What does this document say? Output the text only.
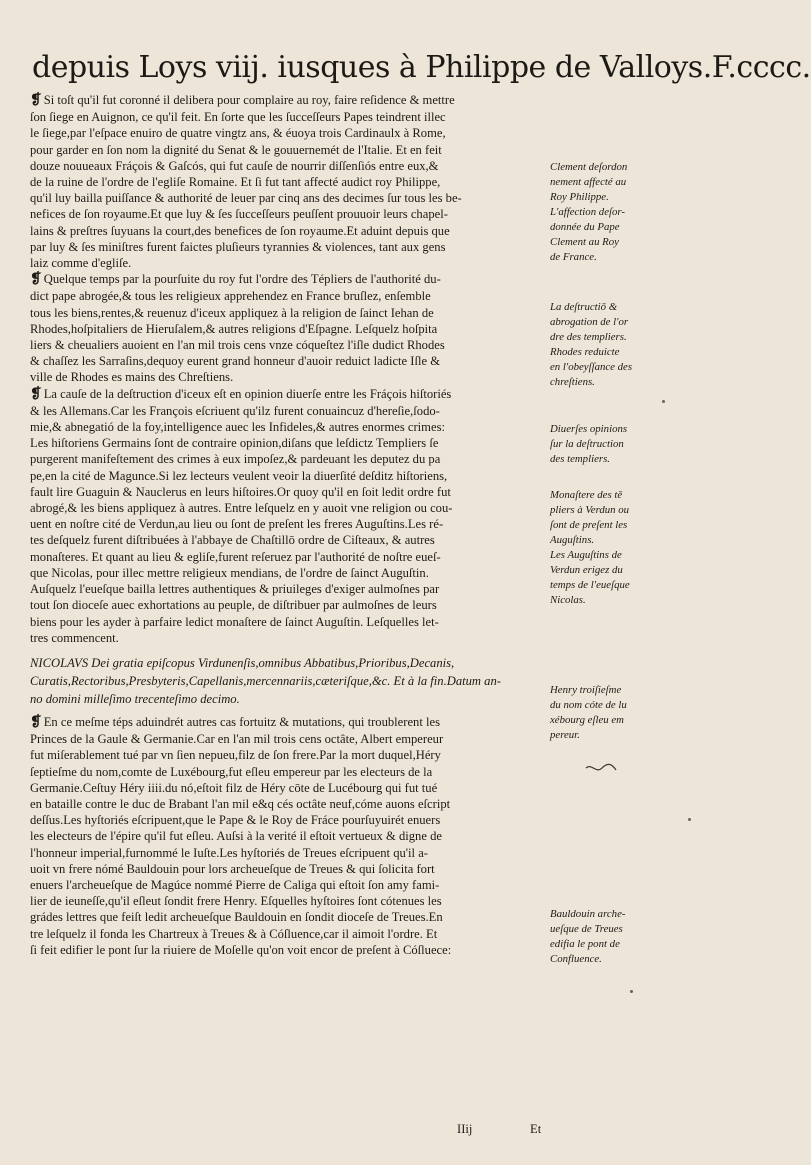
depuis Loys viij. iusques à Philippe de Valloys.F.cccc.

❡ Si toſt qu'il fut coronné il delibera pour complaire au roy, faire reſidence & mettre
ſon ſiege en Auignon, ce qu'il feit. En ſorte que les ſucceſſeurs Papes teindrent illec
le ſiege,par l'eſpace enuiro de quatre vingtz ans, & éuoya trois Cardinaulx à Rome,
pour garder en ſon nom la dignité du Senat & le gouuernemét de l'Italie. Et en feit
douze nouueaux Fráçois & Gaſcós, qui fut cauſe de nourrir diſſenſiós entre eux,&
de la ruine de l'ordre de l'egliſe Romaine. Et ſi fut tant affecté audict roy Philippe,
qu'il luy bailla puiſſance & authorité de leuer par cinq ans des decimes ſur tous les be-
nefices de ſon royaume.Et que luy & ſes ſucceſſeurs peuſſent prouuoir leurs chapel-
lains & preſtres ſuyuans la court,des benefices de ſon royaume.Et aduint depuis que
par luy & ſes miniſtres furent faictes pluſieurs tyrannies & violences, tant aux gens
laiz comme d'egliſe.

❡ Quelque temps par la pourſuite du roy fut l'ordre des Tépliers de l'authorité du-
dict pape abrogée,& tous les religieux apprehendez en France bruſlez, enſemble
tous les biens,rentes,& reuenuz d'iceux appliquez à la religion de ſainct Iehan de
Rhodes,hoſpitaliers de Hieruſalem,& autres religions d'Eſpagne. Leſquelz hoſpita
liers & cheualiers auoient en l'an mil trois cens vnze cóqueſtez l'iſle dudict Rhodes
& chaſſez les Sarraſins,dequoy eurent grand honneur d'auoir reduict ladicte Iſle &
ville de Rhodes es mains des Chreſtiens.

❡ La cauſe de la deſtruction d'iceux eſt en opinion diuerſe entre les Fráçois hiſtoriés
& les Allemans.Car les François eſcriuent qu'ilz furent conuaincuz d'hereſie,ſodo-
mie,& abnegatió de la foy,intelligence auec les Infideles,& autres enormes crimes:
Les hiſtoriens Germains ſont de contraire opinion,diſans que leſdictz Templiers ſe
purgerent manifeſtement des crimes à eux impoſez,& pardeuant les deputez du pa
pe,en la cité de Magunce.Si lez lecteurs veulent veoir la diuerſité deſditz hiſtoriens,
fault lire Guaguin & Nauclerus en leurs hiſtoires.Or quoy qu'il en ſoit ledit ordre fut
abrogé,& les biens appliquez à autres. Entre leſquelz en y auoit vne religion ou cou-
uent en noſtre cité de Verdun,au lieu ou ſont de preſent les freres Auguſtins.Les ré-
tes deſquelz furent diſtribuées à l'abbaye de Chaſtillō ordre de Ciſteaux, & autres
monaſteres. Et quant au lieu & egliſe,furent reſeruez par l'authorité de noſtre eueſ-
que Nicolas, pour illec mettre religieux mendians, de l'ordre de ſainct Auguſtin.
Auſquelz l'eueſque bailla lettres authentiques & priuileges d'exiger aulmoſnes par
tout ſon dioceſe auec exhortations au peuple, de diſtribuer par aulmoſnes de leurs
biens pour les ayder à parfaire ledict monaſtere de ſainct Auguſtin. Leſquelles let-
tres commencent.

NICOLAVS Dei gratia epiſcopus Virdunenſis,omnibus Abbatibus,Prioribus,Decanis,
Curatis,Rectoribus,Presbyteris,Capellanis,mercennariis,cæteriſque,&c. Et à la fin.Datum an-
no domini milleſimo trecenteſimo decimo.

❡ En ce meſme téps aduindrét autres cas fortuitz & mutations, qui troublerent les
Princes de la Gaule & Germanie.Car en l'an mil trois cens octâte, Albert empereur
fut miſerablement tué par vn ſien nepueu,filz de ſon frere.Par la mort duquel,Héry
ſeptieſme du nom,comte de Luxébourg,fut eſleu empereur par les electeurs de la
Germanie.Ceſtuy Héry iiii.du nó,eſtoit filz de Héry cōte de Lucébourg qui fut tué
en bataille contre le duc de Brabant l'an mil e&q cés octâte neuf,cóme auons eſcript
deſſus.Les hyſtoriés eſcripuent,que le Pape & le Roy de Fráce pourſuyuirét enuers
les electeurs de l'épire qu'il fut eſleu. Auſsi à la verité il eſtoit vertueux & digne de
l'honneur imperial,furnommé le Iuſte.Les hyſtoriés de Treues eſcripuent qu'il a-
uoit vn frere nómé Bauldouin pour lors archeueſque de Treues & qui ſolicita fort
enuers l'archeueſque de Magúce nommé Pierre de Caliga qui eſtoit ſon amy fami-
lier de ieuneſſe,qu'il eſleut ſondit frere Henry. Eſquelles hyſtoires ſont cótenues les
grádes lettres que feiſt ledit archeueſque Bauldouin en ſondit dioceſe de Treues.En
tre leſquelz il fonda les Chartreux à Treues & à Cóſluence,car il aimoit l'ordre. Et
ſi feit edifier le pont ſur la riuiere de Moſelle qu'on voit encor de preſent à Cóſluece:

IIij	Et
Clement deſordon
nement affecté au
Roy Philippe.
L'affection deſor-
donnée du Pape
Clement au Roy
de France.
La deſtructiō &
abrogation de l'or
dre des templiers.
Rhodes reduicte
en l'obeyſſance des
chreſtiens.
Diuerſes opinions
ſur la deſtruction
des templiers.
Monaſtere des tē
pliers à Verdun ou
ſont de preſent les
Auguſtins.
Les Auguſtins de
Verdun erigez du
temps de l'eueſque
Nicolas.
Henry troiſieſme
du nom cóte de lu
xébourg eſleu em
pereur.
Bauldouin arche-
ueſque de Treues
edifia le pont de
Confluence.
